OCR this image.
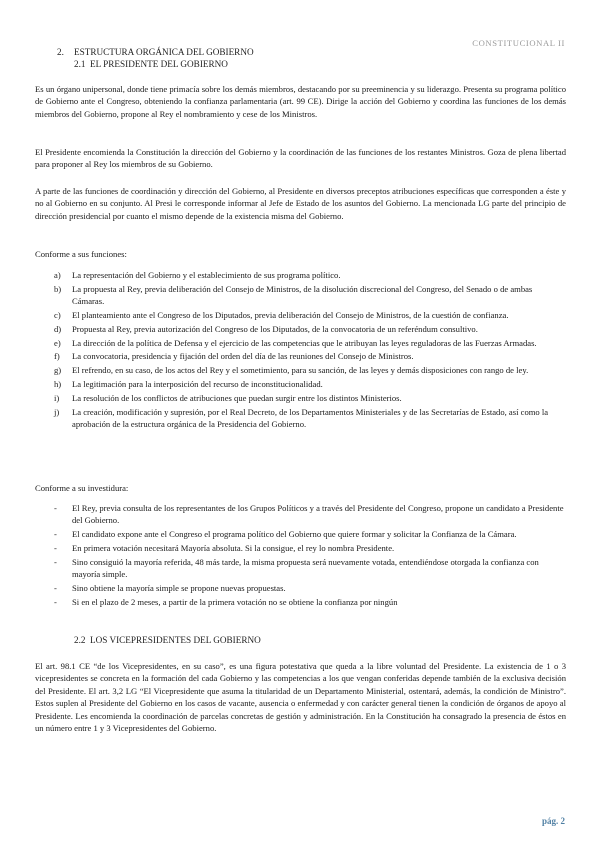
CONSTITUCIONAL II
2. ESTRUCTURA ORGÁNICA DEL GOBIERNO
2.1 EL PRESIDENTE DEL GOBIERNO

Es un órgano unipersonal, donde tiene primacía sobre los demás miembros, destacando por su preeminencia y su liderazgo. Presenta su programa político de Gobierno ante el Congreso, obteniendo la confianza parlamentaria (art. 99 CE). Dirige la acción del Gobierno y coordina las funciones de los demás miembros del Gobierno, propone al Rey el nombramiento y cese de los Ministros.

El Presidente encomienda la Constitución la dirección del Gobierno y la coordinación de las funciones de los restantes Ministros. Goza de plena libertad para proponer al Rey los miembros de su Gobierno.

A parte de las funciones de coordinación y dirección del Gobierno, al Presidente en diversos preceptos atribuciones específicas que corresponden a éste y no al Gobierno en su conjunto. Al Presi le corresponde informar al Jefe de Estado de los asuntos del Gobierno. La mencionada LG parte del principio de dirección presidencial por cuanto el mismo depende de la existencia misma del Gobierno.

Conforme a sus funciones:

a) La representación del Gobierno y el establecimiento de sus programa político.
b) La propuesta al Rey, previa deliberación del Consejo de Ministros, de la disolución discrecional del Congreso, del Senado o de ambas Cámaras.
c) El planteamiento ante el Congreso de los Diputados, previa deliberación del Consejo de Ministros, de la cuestión de confianza.
d) Propuesta al Rey, previa autorización del Congreso de los Diputados, de la convocatoria de un referéndum consultivo.
e) La dirección de la política de Defensa y el ejercicio de las competencias que le atribuyan las leyes reguladoras de las Fuerzas Armadas.
f) La convocatoria, presidencia y fijación del orden del día de las reuniones del Consejo de Ministros.
g) El refrendo, en su caso, de los actos del Rey y el sometimiento, para su sanción, de las leyes y demás disposiciones con rango de ley.
h) La legitimación para la interposición del recurso de inconstitucionalidad.
i) La resolución de los conflictos de atribuciones que puedan surgir entre los distintos Ministerios.
j) La creación, modificación y supresión, por el Real Decreto, de los Departamentos Ministeriales y de las Secretarías de Estado, así como la aprobación de la estructura orgánica de la Presidencia del Gobierno.

Conforme a su investidura:

- El Rey, previa consulta de los representantes de los Grupos Políticos y a través del Presidente del Congreso, propone un candidato a Presidente del Gobierno.
- El candidato expone ante el Congreso el programa político del Gobierno que quiere formar y solicitar la Confianza de la Cámara.
- En primera votación necesitará Mayoría absoluta. Si la consigue, el rey lo nombra Presidente.
- Sino consiguió la mayoría referida, 48 más tarde, la misma propuesta será nuevamente votada, entendiéndose otorgada la confianza con mayoría simple.
- Sino obtiene la mayoría simple se propone nuevas propuestas.
- Si en el plazo de 2 meses, a partir de la primera votación no se obtiene la confianza por ningún
2.2 LOS VICEPRESIDENTES DEL GOBIERNO

El art. 98.1 CE “de los Vicepresidentes, en su caso”, es una figura potestativa que queda a la libre voluntad del Presidente. La existencia de 1 o 3 vicepresidentes se concreta en la formación del cada Gobierno y las competencias a los que vengan conferidas depende también de la exclusiva decisión del Presidente. El art. 3,2 LG “El Vicepresidente que asuma la titularidad de un Departamento Ministerial, ostentará, además, la condición de Ministro”. Estos suplen al Presidente del Gobierno en los casos de vacante, ausencia o enfermedad y con carácter general tienen la condición de órganos de apoyo al Presidente. Les encomienda la coordinación de parcelas concretas de gestión y administración. En la Constitución ha consagrado la presencia de éstos en un número entre 1 y 3 Vicepresidentes del Gobierno.

pág. 2
